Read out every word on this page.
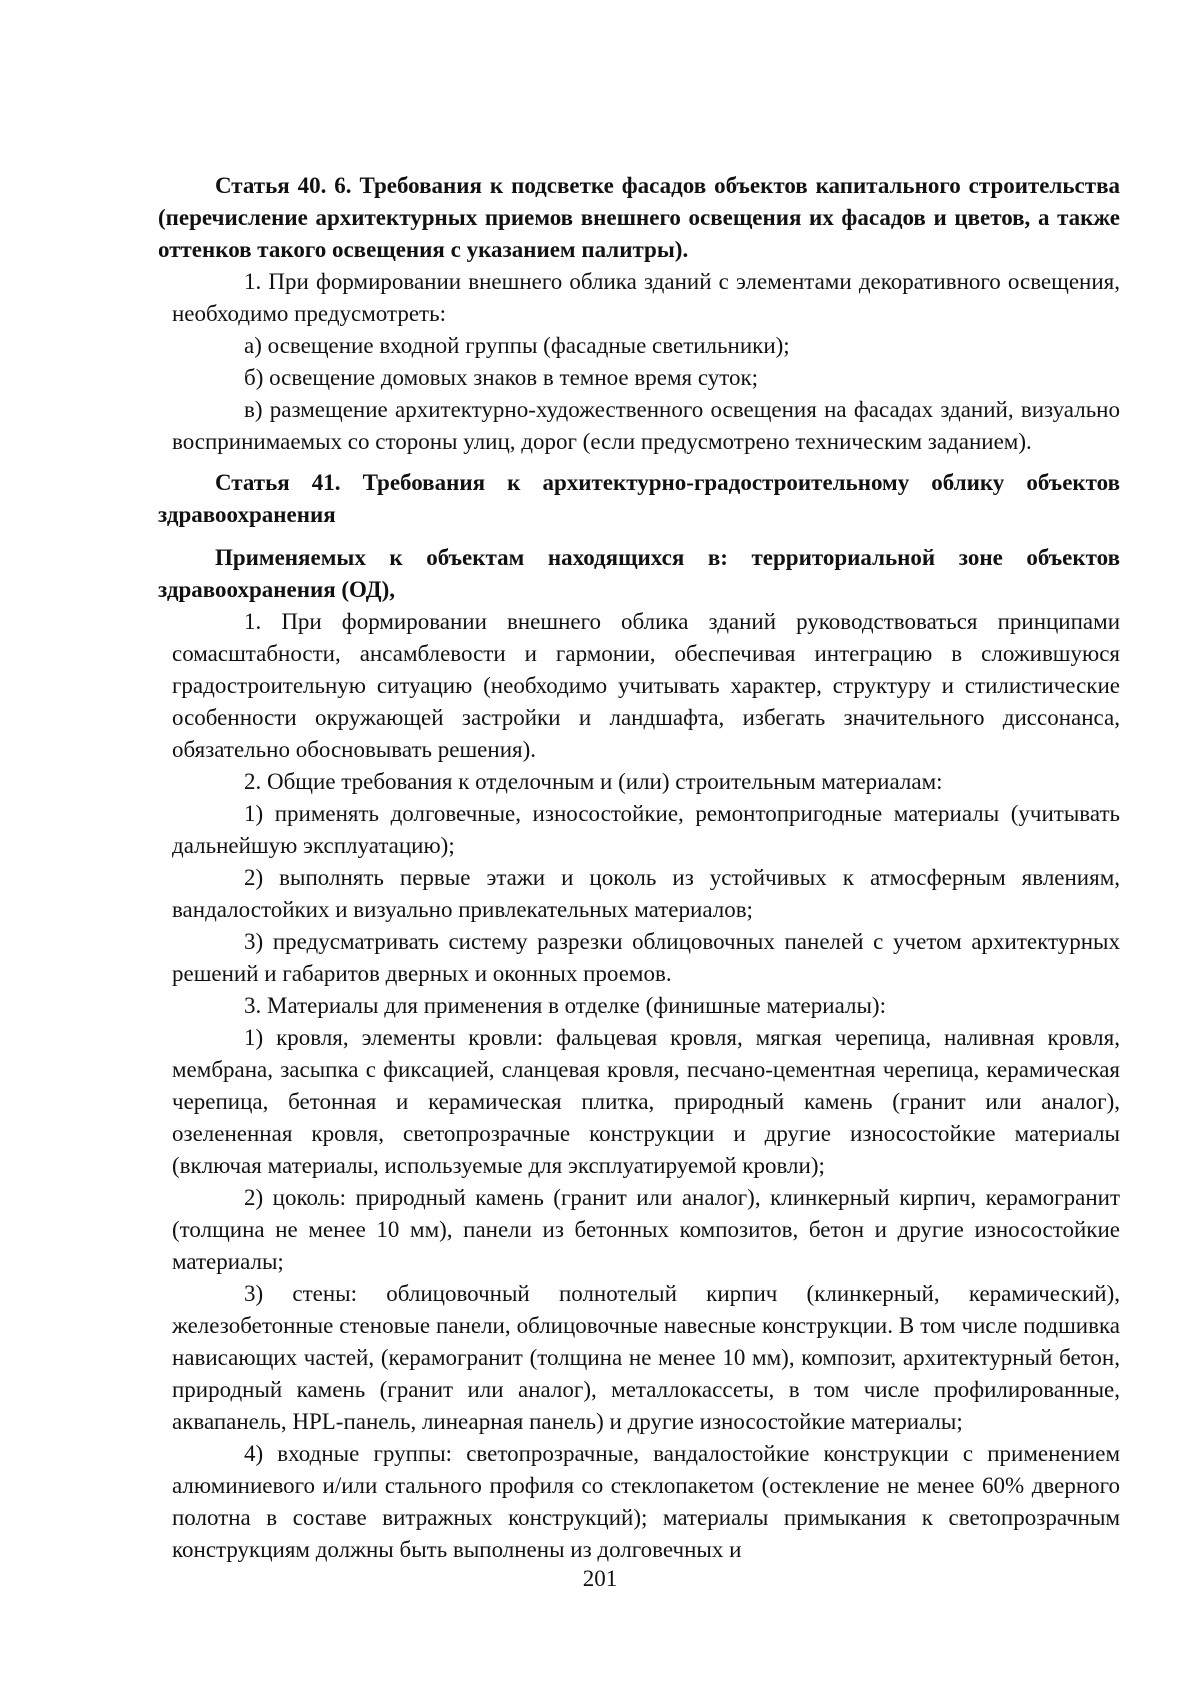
Статья 40. 6. Требования к подсветке фасадов объектов капитального строительства (перечисление архитектурных приемов внешнего освещения их фасадов и цветов, а также оттенков такого освещения с указанием палитры).

1. При формировании внешнего облика зданий с элементами декоративного освещения, необходимо предусмотреть:

а) освещение входной группы (фасадные светильники);

б) освещение домовых знаков в темное время суток;

в) размещение архитектурно-художественного освещения на фасадах зданий, визуально воспринимаемых со стороны улиц, дорог (если предусмотрено техническим заданием).

Статья 41. Требования к архитектурно-градостроительному облику объектов здравоохранения

Применяемых к объектам находящихся в: территориальной зоне объектов здравоохранения (ОД),

1. При формировании внешнего облика зданий руководствоваться принципами сомасштабности, ансамблевости и гармонии, обеспечивая интеграцию в сложившуюся градостроительную ситуацию (необходимо учитывать характер, структуру и стилистические особенности окружающей застройки и ландшафта, избегать значительного диссонанса, обязательно обосновывать решения).

2. Общие требования к отделочным и (или) строительным материалам:

1) применять долговечные, износостойкие, ремонтопригодные материалы (учитывать дальнейшую эксплуатацию);

2) выполнять первые этажи и цоколь из устойчивых к атмосферным явлениям, вандалостойких и визуально привлекательных материалов;

3) предусматривать систему разрезки облицовочных панелей с учетом архитектурных решений и габаритов дверных и оконных проемов.

3. Материалы для применения в отделке (финишные материалы):

1) кровля, элементы кровли: фальцевая кровля, мягкая черепица, наливная кровля, мембрана, засыпка с фиксацией, сланцевая кровля, песчано-цементная черепица, керамическая черепица, бетонная и керамическая плитка, природный камень (гранит или аналог), озелененная кровля, светопрозрачные конструкции и другие износостойкие материалы (включая материалы, используемые для эксплуатируемой кровли);

2) цоколь: природный камень (гранит или аналог), клинкерный кирпич, керамогранит (толщина не менее 10 мм), панели из бетонных композитов, бетон и другие износостойкие материалы;

3) стены: облицовочный полнотелый кирпич (клинкерный, керамический), железобетонные стеновые панели, облицовочные навесные конструкции. В том числе подшивка нависающих частей, (керамогранит (толщина не менее 10 мм), композит, архитектурный бетон, природный камень (гранит или аналог), металлокассеты, в том числе профилированные, аквапанель, HPL-панель, линеарная панель) и другие износостойкие материалы;

4) входные группы: светопрозрачные, вандалостойкие конструкции с применением алюминиевого и/или стального профиля со стеклопакетом (остекление не менее 60% дверного полотна в составе витражных конструкций); материалы примыкания к светопрозрачным конструкциям должны быть выполнены из долговечных и

201
